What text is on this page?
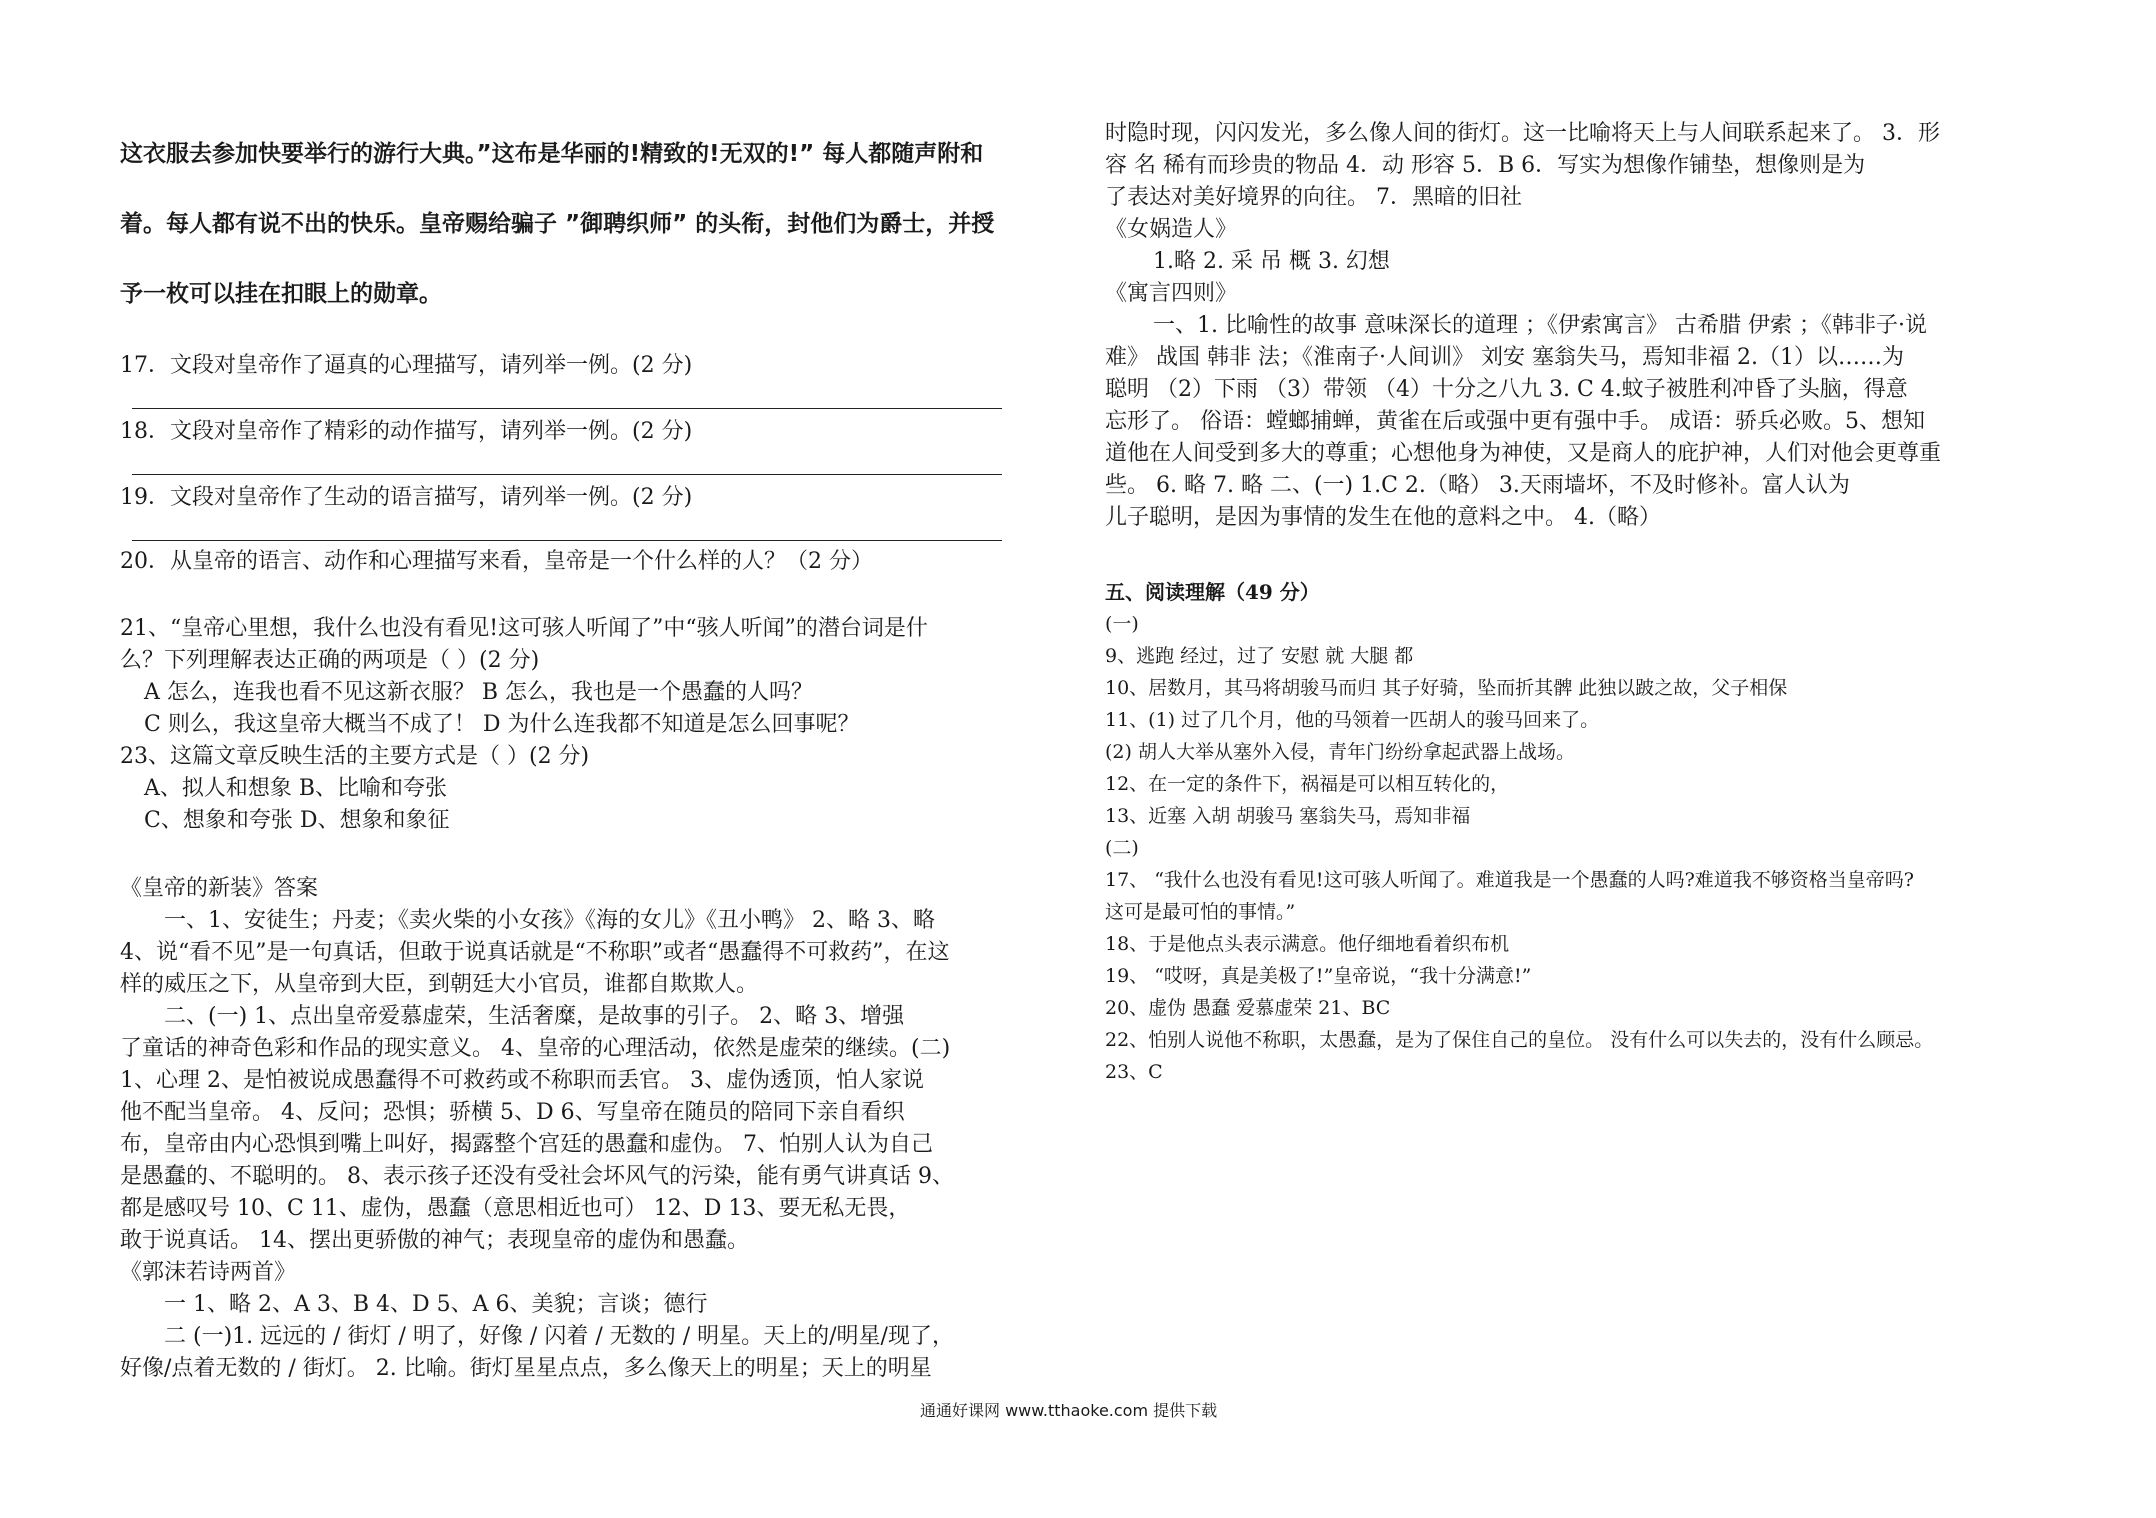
这衣服去参加快要举行的游行大典。”这布是华丽的!精致的!无双的!” 每人都随声附和
着。每人都有说不出的快乐。皇帝赐给骗子 ”御聘织师” 的头衔，封他们为爵士，并授
予一枚可以挂在扣眼上的勋章。
17．文段对皇帝作了逼真的心理描写，请列举一例。(2 分)
18．文段对皇帝作了精彩的动作描写，请列举一例。(2 分)
19．文段对皇帝作了生动的语言描写，请列举一例。(2 分)
20．从皇帝的语言、动作和心理描写来看，皇帝是一个什么样的人？（2 分）
21、“皇帝心里想，我什么也没有看见!这可骇人听闻了”中“骇人听闻”的潜台词是什
么？下列理解表达正确的两项是（ ）(2 分)
A 怎么，连我也看不见这新衣服？ B 怎么，我也是一个愚蠢的人吗？
C 则么，我这皇帝大概当不成了！ D 为什么连我都不知道是怎么回事呢？
23、这篇文章反映生活的主要方式是（ ）(2 分)
A、拟人和想象 B、比喻和夸张
C、想象和夸张 D、想象和象征
《皇帝的新装》答案
一、1、安徒生；丹麦；《卖火柴的小女孩》《海的女儿》《丑小鸭》 2、略 3、略
4、说“看不见”是一句真话，但敢于说真话就是“不称职”或者“愚蠢得不可救药”，在这
样的威压之下，从皇帝到大臣，到朝廷大小官员，谁都自欺欺人。
二、(一) 1、点出皇帝爱慕虚荣，生活奢糜，是故事的引子。 2、略 3、增强
了童话的神奇色彩和作品的现实意义。 4、皇帝的心理活动，依然是虚荣的继续。(二)
1、心理 2、是怕被说成愚蠢得不可救药或不称职而丢官。 3、虚伪透顶，怕人家说
他不配当皇帝。 4、反问；恐惧；骄横 5、D 6、写皇帝在随员的陪同下亲自看织
布，皇帝由内心恐惧到嘴上叫好，揭露整个宫廷的愚蠢和虚伪。 7、怕别人认为自己
是愚蠢的、不聪明的。 8、表示孩子还没有受社会坏风气的污染，能有勇气讲真话 9、
都是感叹号 10、C 11、虚伪，愚蠢（意思相近也可） 12、D 13、要无私无畏，
敢于说真话。 14、摆出更骄傲的神气；表现皇帝的虚伪和愚蠢。
《郭沫若诗两首》
一 1、略 2、A 3、B 4、D 5、A 6、美貌；言谈；德行
二 (一)1. 远远的 / 街灯 / 明了，好像 / 闪着 / 无数的 / 明星。天上的/明星/现了，
好像/点着无数的 / 街灯。 2. 比喻。街灯星星点点，多么像天上的明星；天上的明星
时隐时现，闪闪发光，多么像人间的街灯。这一比喻将天上与人间联系起来了。 3．形
容 名 稀有而珍贵的物品 4．动 形容 5．B 6．写实为想像作铺垫，想像则是为
了表达对美好境界的向往。 7．黑暗的旧社
《女娲造人》
1.略 2. 采 吊 概 3. 幻想
《寓言四则》
一、1. 比喻性的故事 意味深长的道理 ；《伊索寓言》 古希腊 伊索 ；《韩非子·说
难》 战国 韩非 法；《淮南子·人间训》 刘安 塞翁失马，焉知非福 2.（1）以……为
聪明 （2）下雨 （3）带领 （4）十分之八九 3. C 4.蚊子被胜利冲昏了头脑，得意
忘形了。 俗语：螳螂捕蝉，黄雀在后或强中更有强中手。 成语：骄兵必败。5、想知
道他在人间受到多大的尊重；心想他身为神使，又是商人的庇护神，人们对他会更尊重
些。 6. 略 7. 略 二、(一) 1.C 2.（略） 3.天雨墙坏，不及时修补。富人认为
儿子聪明，是因为事情的发生在他的意料之中。 4.（略）
五、阅读理解（49 分）
(一)
9、逃跑 经过，过了 安慰 就 大腿 都
10、居数月，其马将胡骏马而归 其子好骑，坠而折其髀 此独以跛之故，父子相保
11、(1) 过了几个月，他的马领着一匹胡人的骏马回来了。
(2) 胡人大举从塞外入侵，青年门纷纷拿起武器上战场。
12、在一定的条件下，祸福是可以相互转化的，
13、近塞 入胡 胡骏马 塞翁失马，焉知非福
(二)
17、 “我什么也没有看见!这可骇人听闻了。难道我是一个愚蠢的人吗?难道我不够资格当皇帝吗?
这可是最可怕的事情。”
18、于是他点头表示满意。他仔细地看着织布机
19、 “哎呀，真是美极了!”皇帝说，“我十分满意!”
20、虚伪 愚蠢 爱慕虚荣 21、BC
22、怕别人说他不称职，太愚蠢，是为了保住自己的皇位。 没有什么可以失去的，没有什么顾忌。
23、C
通通好课网 www.tthaoke.com 提供下载
